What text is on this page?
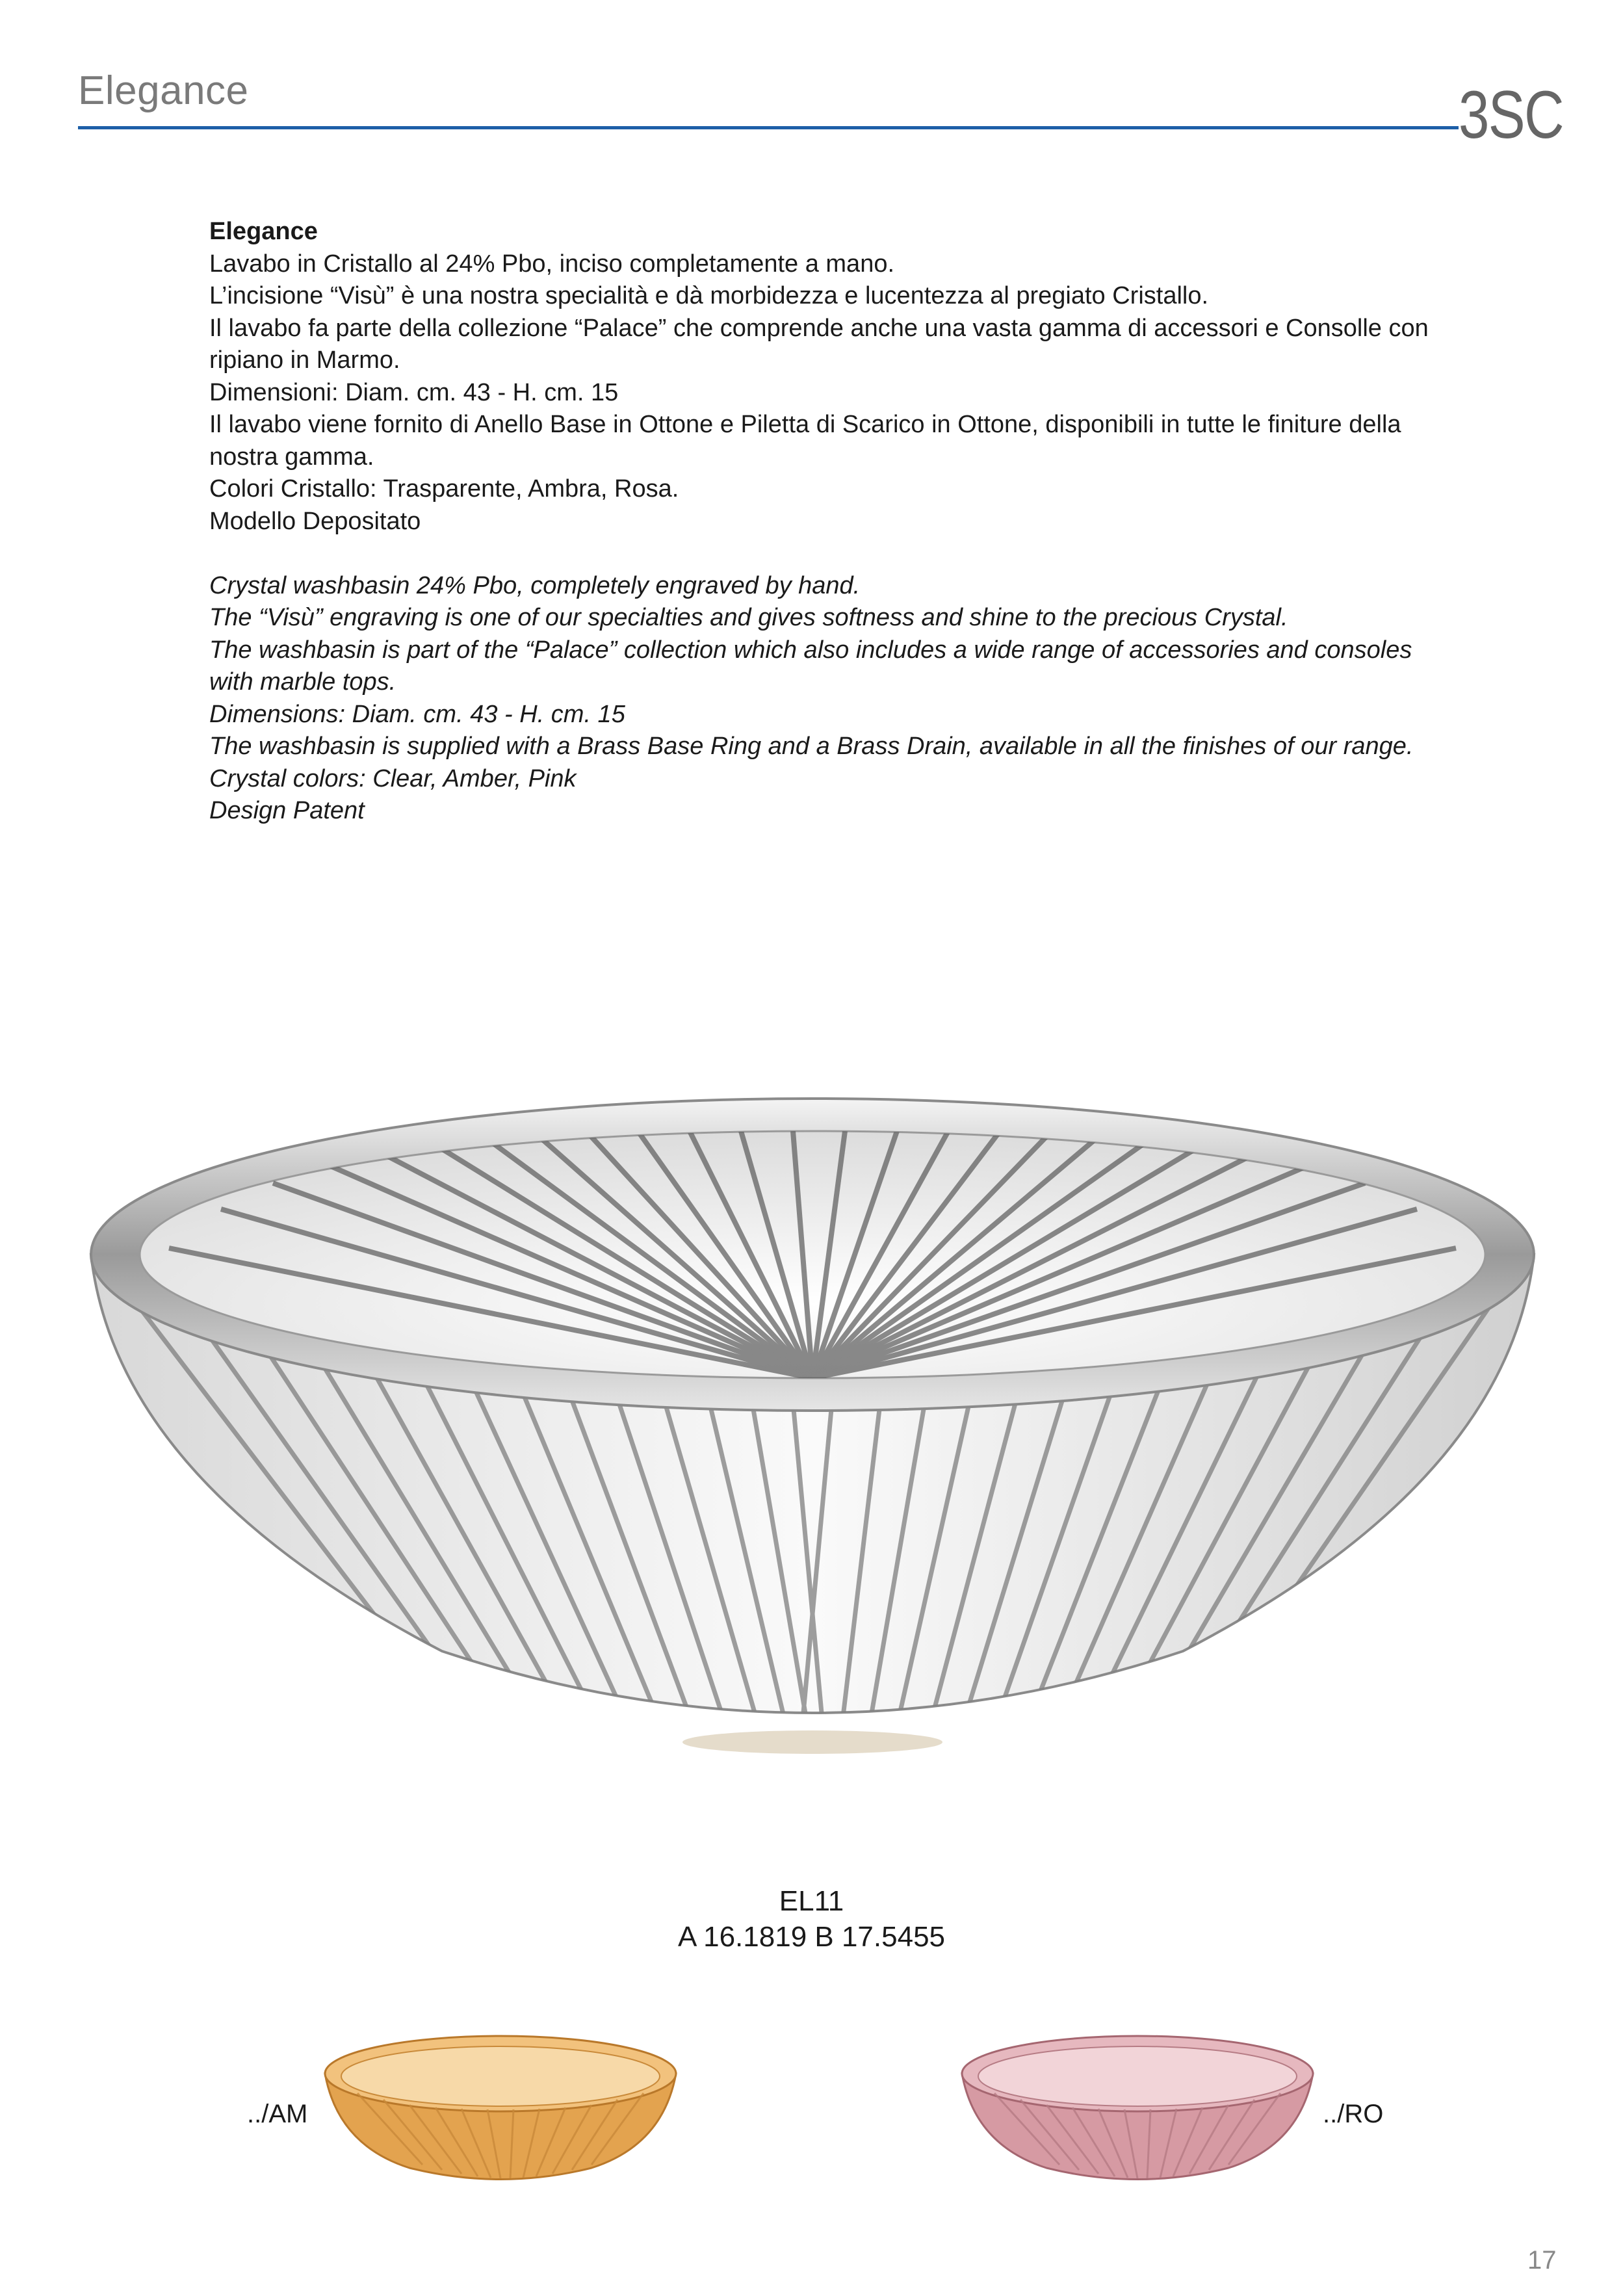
Elegance	3SC

Elegance

Lavabo in Cristallo al 24% Pbo, inciso completamente a mano.

L’incisione “Visù” è una nostra specialità e dà morbidezza e lucentezza al pregiato Cristallo.

Il lavabo fa parte della collezione “Palace” che comprende anche una vasta gamma di accessori e Consolle con

ripiano in Marmo.

Dimensioni: Diam. cm. 43 - H. cm. 15

Il lavabo viene fornito di Anello Base in Ottone e Piletta di Scarico in Ottone, disponibili in tutte le finiture della

nostra gamma.

Colori Cristallo: Trasparente, Ambra, Rosa.

Modello Depositato

Crystal washbasin 24% Pbo, completely engraved by hand.

The “Visù” engraving is one of our specialties and gives softness and shine to the precious Crystal.

The washbasin is part of the “Palace” collection which also includes a wide range of accessories and consoles

with marble tops.

Dimensions: Diam. cm. 43 - H. cm. 15

The washbasin is supplied with a Brass Base Ring and a Brass Drain, available in all the finishes of our range.

Crystal colors: Clear, Amber, Pink

Design Patent

EL11
A 16.1819 B 17.5455
../AM	../RO
17
